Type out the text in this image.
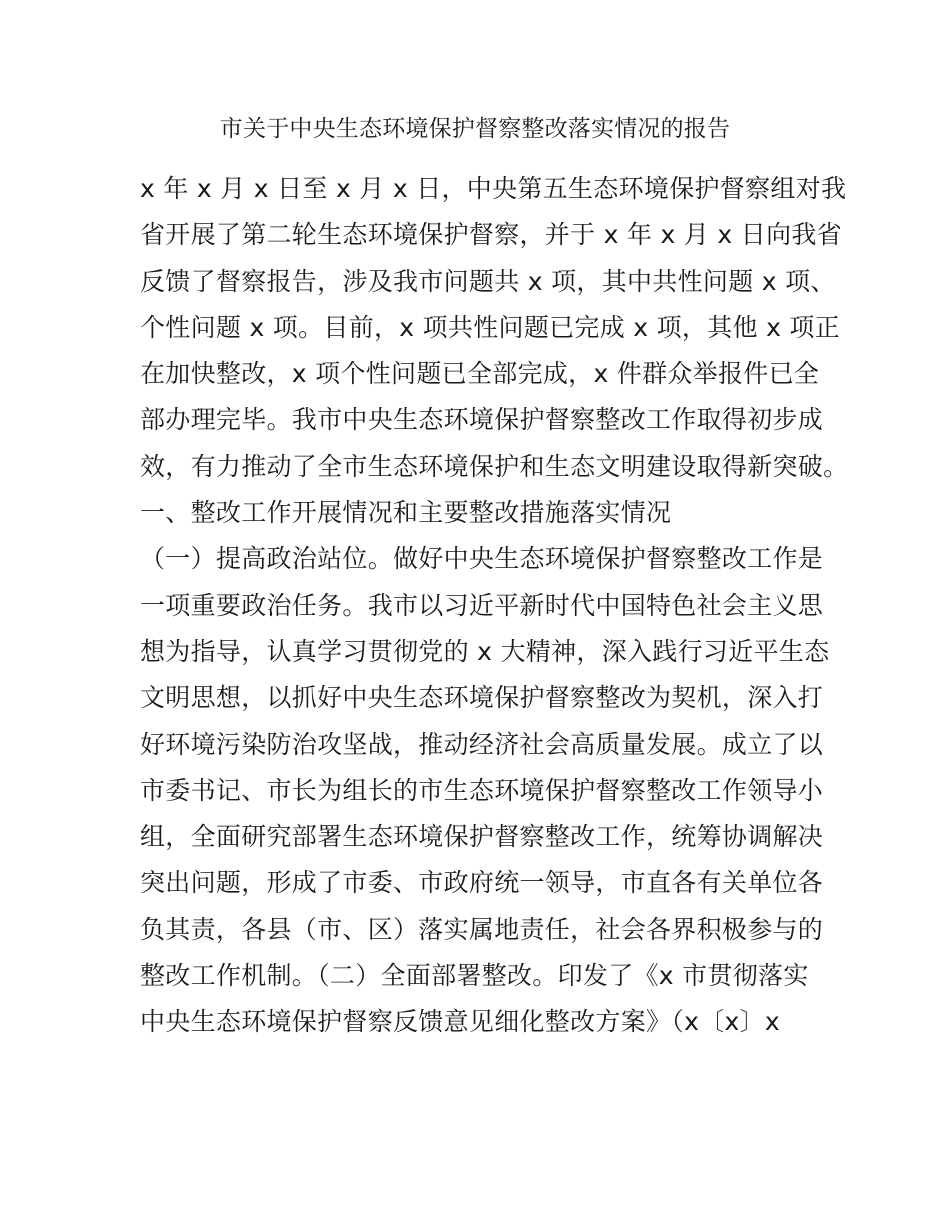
市关于中央生态环境保护督察整改落实情况的报告
x 年 x 月 x 日至 x 月 x 日，中央第五生态环境保护督察组对我
省开展了第二轮生态环境保护督察，并于 x 年 x 月 x 日向我省
反馈了督察报告，涉及我市问题共 x 项，其中共性问题 x 项、
个性问题 x 项。目前，x 项共性问题已完成 x 项，其他 x 项正
在加快整改，x 项个性问题已全部完成，x 件群众举报件已全
部办理完毕。我市中央生态环境保护督察整改工作取得初步成
效，有力推动了全市生态环境保护和生态文明建设取得新突破。
一、整改工作开展情况和主要整改措施落实情况
（一）提高政治站位。做好中央生态环境保护督察整改工作是
一项重要政治任务。我市以习近平新时代中国特色社会主义思
想为指导，认真学习贯彻党的 x 大精神，深入践行习近平生态
文明思想，以抓好中央生态环境保护督察整改为契机，深入打
好环境污染防治攻坚战，推动经济社会高质量发展。成立了以
市委书记、市长为组长的市生态环境保护督察整改工作领导小
组，全面研究部署生态环境保护督察整改工作，统筹协调解决
突出问题，形成了市委、市政府统一领导，市直各有关单位各
负其责，各县（市、区）落实属地责任，社会各界积极参与的
整改工作机制。（二）全面部署整改。印发了《x 市贯彻落实
中央生态环境保护督察反馈意见细化整改方案》（x〔x〕x
